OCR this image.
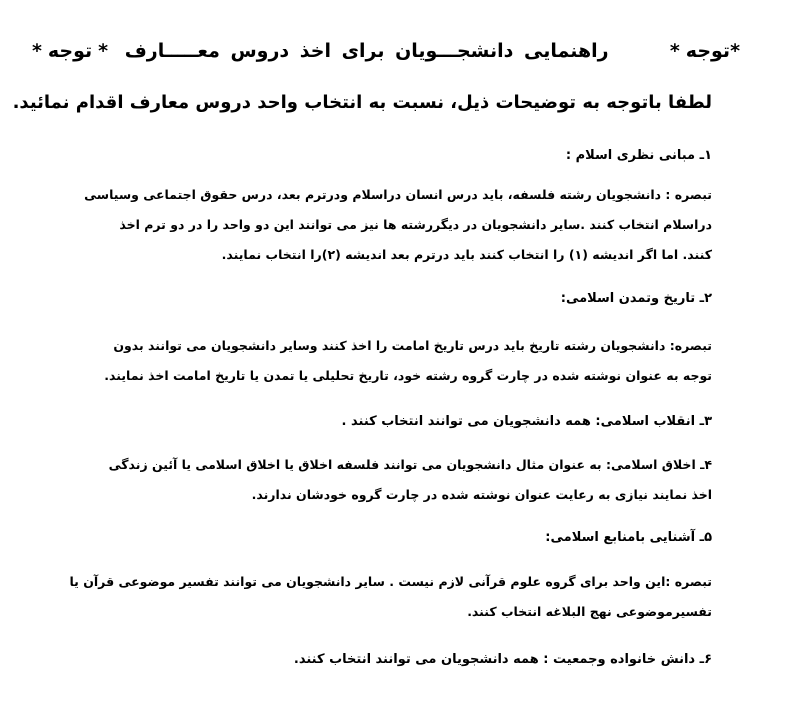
*توجه*  راهنمایی دانشجـــویان برای اخذ دروس معـــــارف *توجه*
لطفا باتوجه به توضیحات ذیل، نسبت به انتخاب واحد دروس معارف اقدام نمائید.
۱ـ مبانی نظری اسلام :
تبصره : دانشجویان رشته فلسفه، باید درس انسان دراسلام ودرترم بعد، درس حقوق اجتماعی وسیاسی
دراسلام انتخاب کنند .سایر دانشجویان در دیگررشته ها نیز می توانند این دو واحد را در دو ترم اخذ
کنند. اما اگر اندیشه (۱) را انتخاب کنند باید درترم بعد اندیشه (۲)را انتخاب نمایند.
۲ـ تاریخ وتمدن اسلامی:
تبصره: دانشجویان رشته تاریخ باید درس تاریخ امامت را اخذ کنند وسایر دانشجویان می توانند بدون
توجه به عنوان نوشته شده در چارت گروه رشته خود، تاریخ تحلیلی یا تمدن یا تاریخ امامت اخذ نمایند.
۳ـ انقلاب اسلامی: همه دانشجویان می توانند انتخاب کنند .
۴ـ اخلاق اسلامی: به عنوان مثال دانشجویان می توانند فلسفه اخلاق یا اخلاق اسلامی یا آئین زندگی
اخذ نمایند نیازی به رعایت عنوان نوشته شده در چارت گروه خودشان ندارند.
۵ـ آشنایی بامنابع اسلامی:
تبصره :این واحد برای گروه علوم قرآنی لازم نیست . سایر دانشجویان می توانند تفسیر موضوعی قرآن یا
تفسیرموضوعی نهج البلاغه انتخاب کنند.
۶ـ دانش خانواده وجمعیت : همه دانشجویان می توانند انتخاب کنند.
